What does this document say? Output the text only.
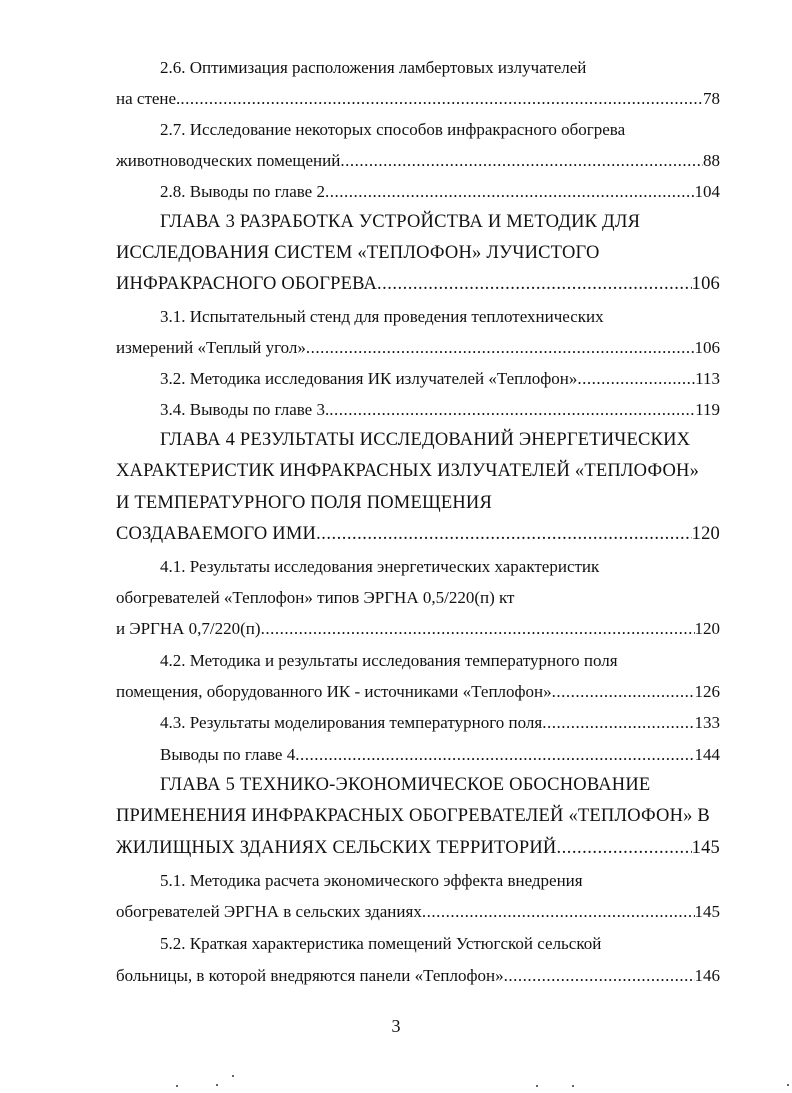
2.6. Оптимизация расположения ламбертовых излучателей
на стене. .....	78
2.7. Исследование некоторых способов инфракрасного обогрева
животноводческих помещений .....	88
2.8. Выводы по главе 2 .....	104
ГЛАВА 3 РАЗРАБОТКА УСТРОЙСТВА И МЕТОДИК ДЛЯ
ИССЛЕДОВАНИЯ СИСТЕМ «ТЕПЛОФОН» ЛУЧИСТОГО
ИНФРАКРАСНОГО ОБОГРЕВА .....	106
3.1. Испытательный стенд для проведения теплотехнических
измерений «Теплый угол» .....	106
3.2. Методика исследования ИК излучателей «Теплофон» .....	113
3.4. Выводы по главе 3. .....	119
ГЛАВА 4 РЕЗУЛЬТАТЫ ИССЛЕДОВАНИЙ ЭНЕРГЕТИЧЕСКИХ
ХАРАКТЕРИСТИК ИНФРАКРАСНЫХ ИЗЛУЧАТЕЛЕЙ «ТЕПЛОФОН»
И ТЕМПЕРАТУРНОГО ПОЛЯ ПОМЕЩЕНИЯ
СОЗДАВАЕМОГО ИМИ .....	120
4.1. Результаты исследования энергетических характеристик
обогревателей «Теплофон» типов ЭРГНА 0,5/220(п) кт
и ЭРГНА 0,7/220(п) .....	120
4.2. Методика и результаты исследования температурного поля
помещения, оборудованного ИК - источниками «Теплофон» .....	126
4.3. Результаты моделирования температурного поля .....	133
Выводы по главе 4 .....	144
ГЛАВА 5 ТЕХНИКО-ЭКОНОМИЧЕСКОЕ ОБОСНОВАНИЕ
ПРИМЕНЕНИЯ ИНФРАКРАСНЫХ ОБОГРЕВАТЕЛЕЙ «ТЕПЛОФОН» В
ЖИЛИЩНЫХ ЗДАНИЯХ СЕЛЬСКИХ ТЕРРИТОРИЙ .....	145
5.1. Методика расчета экономического эффекта внедрения
обогревателей ЭРГНА в сельских зданиях .....	145
5.2. Краткая характеристика помещений Устюгской сельской
больницы, в которой внедряются панели «Теплофон» .....	146
3
